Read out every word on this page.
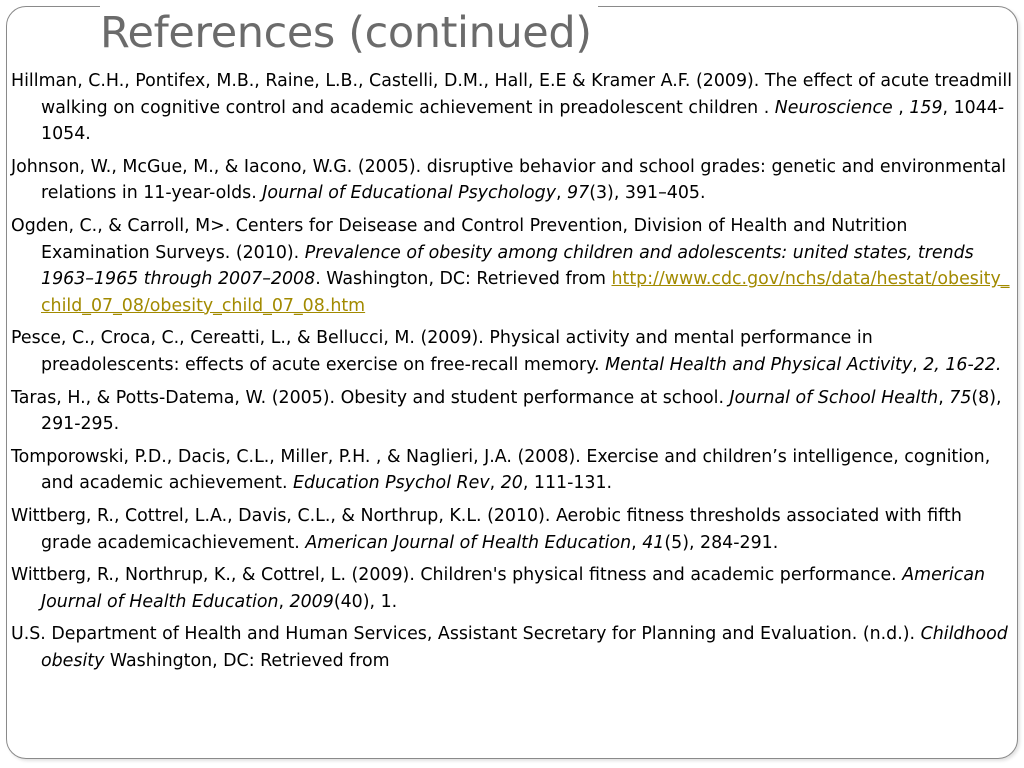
References (continued)

Hillman, C.H., Pontifex, M.B., Raine, L.B., Castelli, D.M., Hall, E.E & Kramer A.F. (2009). The effect of acute treadmill walking on cognitive control and academic achievement in preadolescent children . Neuroscience , 159, 1044-1054.

Johnson, W., McGue, M., & Iacono, W.G. (2005). disruptive behavior and school grades: genetic and environmental relations in 11-year-olds. Journal of Educational Psychology, 97(3), 391–405.

Ogden, C., & Carroll, M>. Centers for Deisease and Control Prevention, Division of Health and Nutrition Examination Surveys. (2010). Prevalence of obesity among children and adolescents: united states, trends 1963–1965 through 2007–2008. Washington, DC: Retrieved from http://www.cdc.gov/nchs/data/hestat/obesity_child_07_08/obesity_child_07_08.htm

Pesce, C., Croca, C., Cereatti, L., & Bellucci, M. (2009). Physical activity and mental performance in preadolescents: effects of acute exercise on free-recall memory. Mental Health and Physical Activity, 2, 16-22.

Taras, H., & Potts-Datema, W. (2005). Obesity and student performance at school. Journal of School Health, 75(8), 291-295.

Tomporowski, P.D., Dacis, C.L., Miller, P.H. , & Naglieri, J.A. (2008). Exercise and children’s intelligence, cognition, and academic achievement. Education Psychol Rev, 20, 111-131.

Wittberg, R., Cottrel, L.A., Davis, C.L., & Northrup, K.L. (2010). Aerobic fitness thresholds associated with fifth grade academicachievement. American Journal of Health Education, 41(5), 284-291.

Wittberg, R., Northrup, K., & Cottrel, L. (2009). Children's physical fitness and academic performance. American Journal of Health Education, 2009(40), 1.

U.S. Department of Health and Human Services, Assistant Secretary for Planning and Evaluation. (n.d.). Childhood obesity Washington, DC: Retrieved from
